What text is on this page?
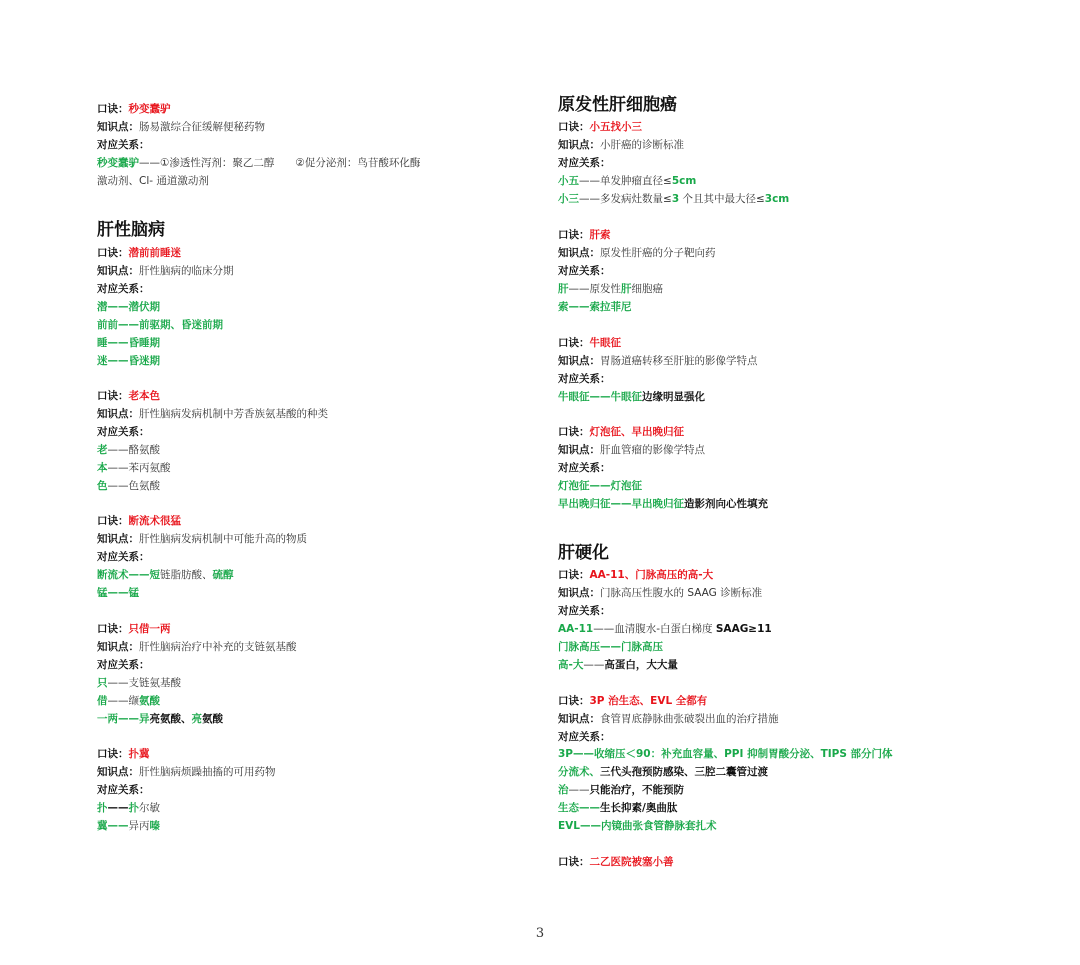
口诀：秒变蠢驴
知识点：肠易激综合征缓解便秘药物
对应关系：
秒变蠢驴——①渗透性泻剂：聚乙二醇　　②促分泌剂：鸟苷酸环化酶
激动剂、Cl- 通道激动剂
肝性脑病
口诀：潜前前睡迷
知识点：肝性脑病的临床分期
对应关系：
潜——潜伏期
前前——前驱期、昏迷前期
睡——昏睡期
迷——昏迷期
口诀：老本色
知识点：肝性脑病发病机制中芳香族氨基酸的种类
对应关系：
老——酪氨酸
本——苯丙氨酸
色——色氨酸
口诀：断流术很猛
知识点：肝性脑病发病机制中可能升高的物质
对应关系：
断流术——短链脂肪酸、硫醇
锰——锰
口诀：只借一两
知识点：肝性脑病治疗中补充的支链氨基酸
对应关系：
只——支链氨基酸
借——缬氨酸
一两——异亮氨酸、亮氨酸
口诀：扑冀
知识点：肝性脑病烦躁抽搐的可用药物
对应关系：
扑——扑尔敏
冀——异丙嗪
原发性肝细胞癌
口诀：小五找小三
知识点：小肝癌的诊断标准
对应关系：
小五——单发肿瘤直径≤5cm
小三——多发病灶数量≤3 个且其中最大径≤3cm
口诀：肝索
知识点：原发性肝癌的分子靶向药
对应关系：
肝——原发性肝细胞癌
索——索拉菲尼
口诀：牛眼征
知识点：胃肠道癌转移至肝脏的影像学特点
对应关系：
牛眼征——牛眼征边缘明显强化
口诀：灯泡征、早出晚归征
知识点：肝血管瘤的影像学特点
对应关系：
灯泡征——灯泡征
早出晚归征——早出晚归征造影剂向心性填充
肝硬化
口诀：AA-11、门脉高压的高-大
知识点：门脉高压性腹水的 SAAG 诊断标准
对应关系：
AA-11——血清腹水-白蛋白梯度 SAAG≥11
门脉高压——门脉高压
高-大——高蛋白，大大量
口诀：3P 治生态、EVL 全都有
知识点：食管胃底静脉曲张破裂出血的治疗措施
对应关系：
3P——收缩压＜90：补充血容量、PPI 抑制胃酸分泌、TIPS 部分门体
分流术、三代头孢预防感染、三腔二囊管过渡
治——只能治疗，不能预防
生态——生长抑素/奥曲肽
EVL——内镜曲张食管静脉套扎术
口诀：二乙医院被塞小善
3
